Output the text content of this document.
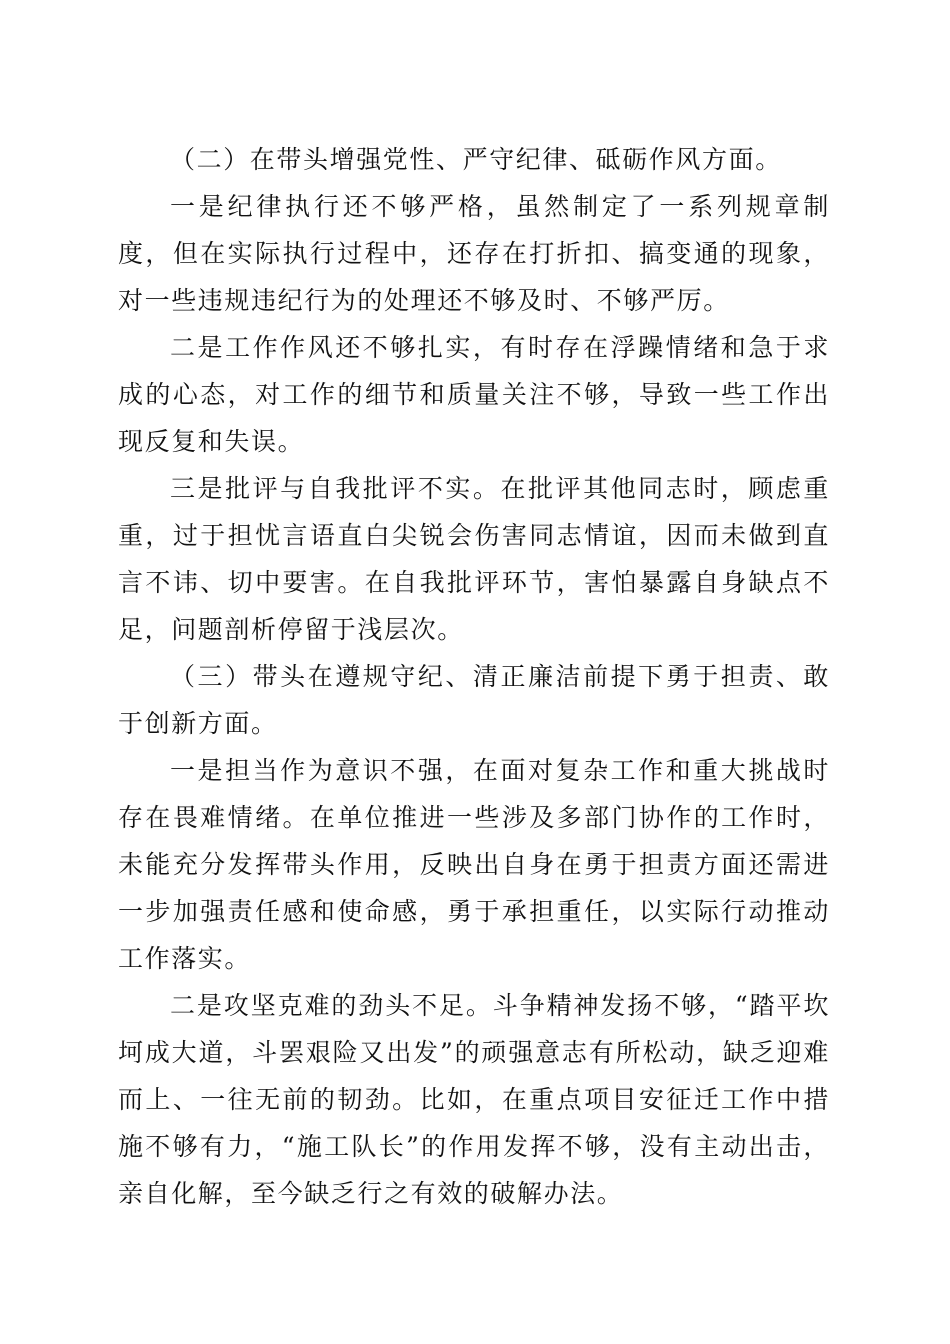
（二）在带头增强党性、严守纪律、砥砺作风方面。

一是纪律执行还不够严格，虽然制定了一系列规章制度，但在实际执行过程中，还存在打折扣、搞变通的现象，对一些违规违纪行为的处理还不够及时、不够严厉。

二是工作作风还不够扎实，有时存在浮躁情绪和急于求成的心态，对工作的细节和质量关注不够，导致一些工作出现反复和失误。

三是批评与自我批评不实。在批评其他同志时，顾虑重重，过于担忧言语直白尖锐会伤害同志情谊，因而未做到直言不讳、切中要害。在自我批评环节，害怕暴露自身缺点不足，问题剖析停留于浅层次。

（三）带头在遵规守纪、清正廉洁前提下勇于担责、敢于创新方面。

一是担当作为意识不强，在面对复杂工作和重大挑战时存在畏难情绪。在单位推进一些涉及多部门协作的工作时，未能充分发挥带头作用，反映出自身在勇于担责方面还需进一步加强责任感和使命感，勇于承担重任，以实际行动推动工作落实。

二是攻坚克难的劲头不足。斗争精神发扬不够，“踏平坎坷成大道，斗罢艰险又出发”的顽强意志有所松动，缺乏迎难而上、一往无前的韧劲。比如，在重点项目安征迁工作中措施不够有力，“施工队长”的作用发挥不够，没有主动出击，亲自化解，至今缺乏行之有效的破解办法。
